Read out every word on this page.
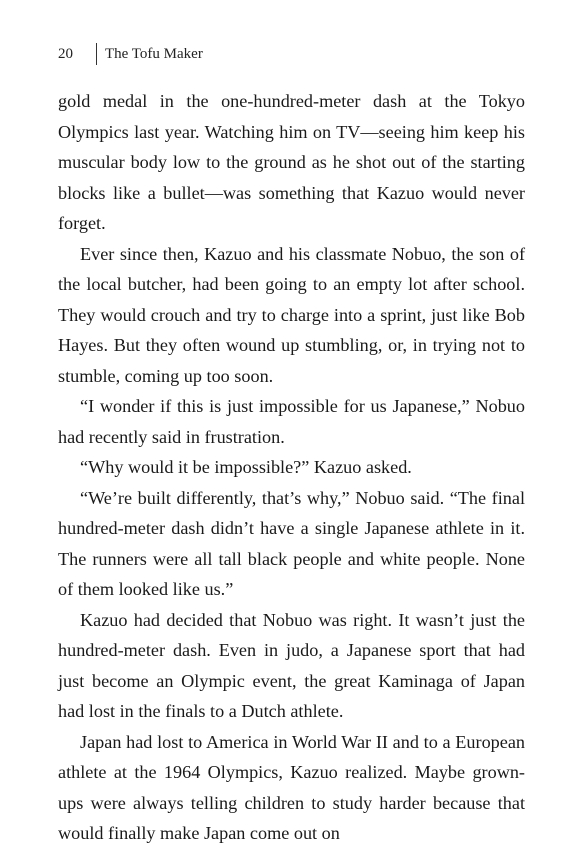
20	The Tofu Maker

gold medal in the one-hundred-meter dash at the Tokyo Olympics last year. Watching him on TV—seeing him keep his muscular body low to the ground as he shot out of the starting blocks like a bullet—was something that Kazuo would never forget.

Ever since then, Kazuo and his classmate Nobuo, the son of the local butcher, had been going to an empty lot after school. They would crouch and try to charge into a sprint, just like Bob Hayes. But they often wound up stumbling, or, in trying not to stumble, coming up too soon.

“I wonder if this is just impossible for us Japanese,” Nobuo had recently said in frustration.

“Why would it be impossible?” Kazuo asked.

“We’re built differently, that’s why,” Nobuo said. “The final hundred-meter dash didn’t have a single Japanese athlete in it. The runners were all tall black people and white people. None of them looked like us.”

Kazuo had decided that Nobuo was right. It wasn’t just the hundred-meter dash. Even in judo, a Japanese sport that had just become an Olympic event, the great Kaminaga of Japan had lost in the finals to a Dutch athlete.

Japan had lost to America in World War II and to a European athlete at the 1964 Olympics, Kazuo realized. Maybe grown-ups were always telling children to study harder because that would finally make Japan come out on
